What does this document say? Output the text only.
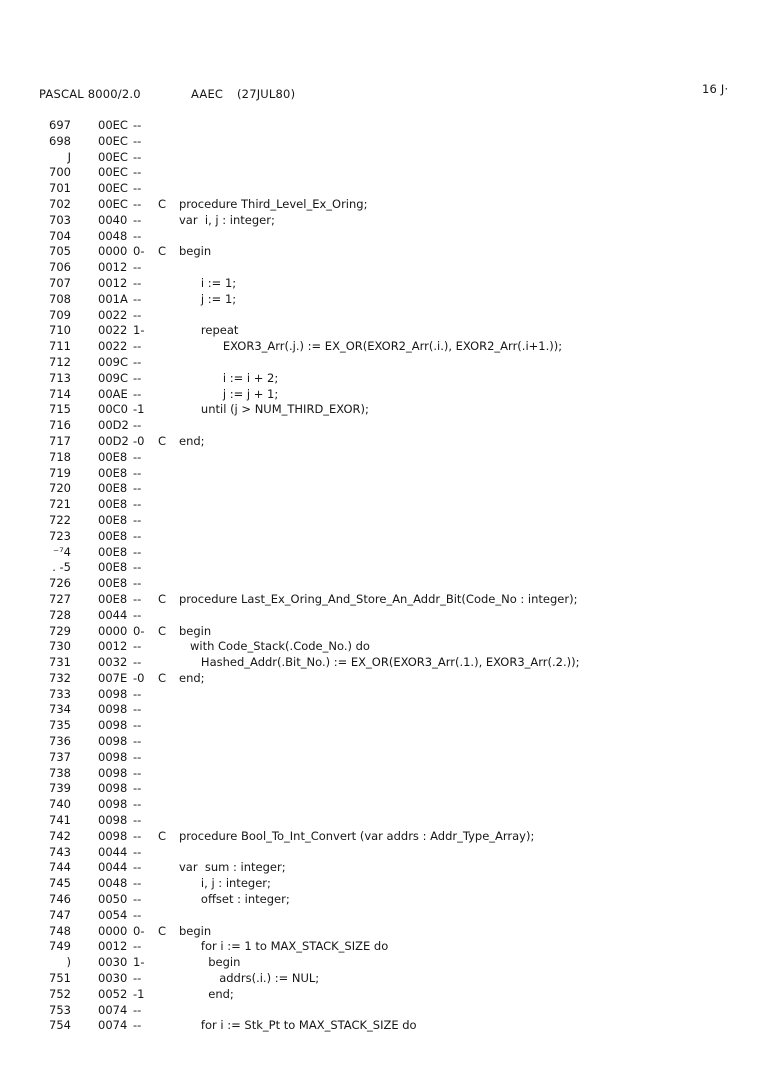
PASCAL 8000/2.0	AAEC (27JUL80)	16 J·
697 00EC --
698 00EC --
J 00EC --
700 00EC --
701 00EC --
702 00EC -- C procedure Third_Level_Ex_Oring;
703 0040 --	var  i, j : integer;
704 0048 --
705 0000 0- C begin
706 0012 --
707 0012 --	i := 1;
708 001A --	j := 1;
709 0022 --
710 0022 1-	repeat
711 0022 --	EXOR3_Arr(.j.) := EX_OR(EXOR2_Arr(.i.), EXOR2_Arr(.i+1.));
712 009C --
713 009C --	i := i + 2;
714 00AE --	j := j + 1;
715 00C0 -1	until (j > NUM_THIRD_EXOR);
716 00D2 --
717 00D2 -0 C end;
718 00E8 --
719 00E8 --
720 00E8 --
721 00E8 --
722 00E8 --
723 00E8 --
⁻⁷4 00E8 --
. -5 00E8 --
726 00E8 --
727 00E8 -- C procedure Last_Ex_Oring_And_Store_An_Addr_Bit(Code_No : integer);
728 0044 --
729 0000 0- C begin
730 0012 --	with Code_Stack(.Code_No.) do
731 0032 --	Hashed_Addr(.Bit_No.) := EX_OR(EXOR3_Arr(.1.), EXOR3_Arr(.2.));
732 007E -0 C end;
733 0098 --
734 0098 --
735 0098 --
736 0098 --
737 0098 --
738 0098 --
739 0098 --
740 0098 --
741 0098 --
742 0098 -- C procedure Bool_To_Int_Convert (var addrs : Addr_Type_Array);
743 0044 --
744 0044 --	var  sum : integer;
745 0048 --	i, j : integer;
746 0050 --	offset : integer;
747 0054 --
748 0000 0- C begin
749 0012 --	for i := 1 to MAX_STACK_SIZE do
) 0030 1-	begin
751 0030 --	addrs(.i.) := NUL;
752 0052 -1	end;
753 0074 --
754 0074 --	for i := Stk_Pt to MAX_STACK_SIZE do
